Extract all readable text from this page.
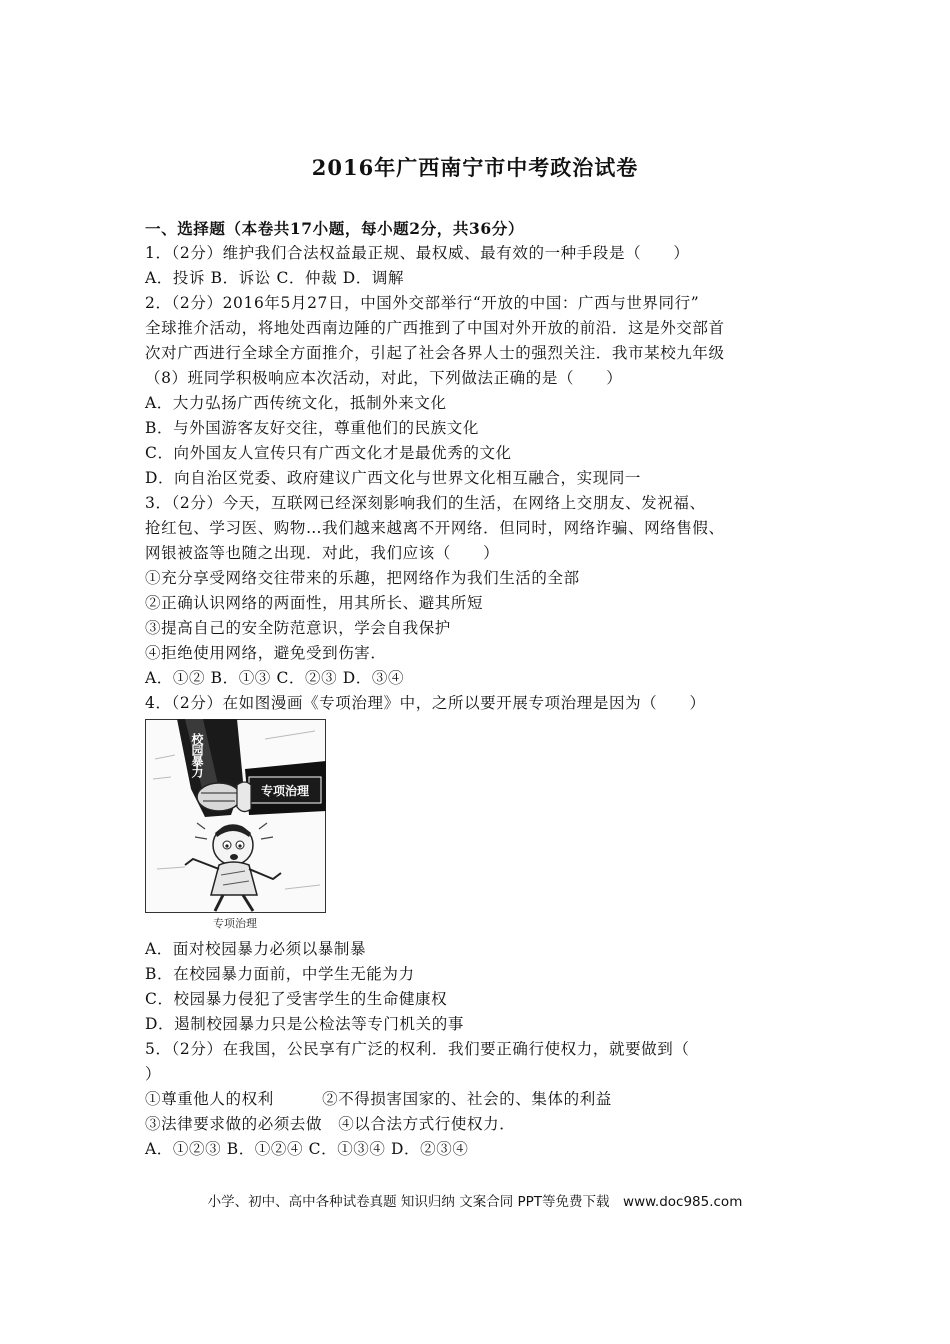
2016年广西南宁市中考政治试卷
一、选择题（本卷共17小题，每小题2分，共36分）
1．（2分）维护我们合法权益最正规、最权威、最有效的一种手段是（　　）
A．投诉 B．诉讼 C．仲裁 D．调解
2．（2分）2016年5月27日，中国外交部举行“开放的中国：广西与世界同行”
全球推介活动，将地处西南边陲的广西推到了中国对外开放的前沿．这是外交部首
次对广西进行全球全方面推介，引起了社会各界人士的强烈关注．我市某校九年级
（8）班同学积极响应本次活动，对此，下列做法正确的是（　　）
A．大力弘扬广西传统文化，抵制外来文化
B．与外国游客友好交往，尊重他们的民族文化
C．向外国友人宣传只有广西文化才是最优秀的文化
D．向自治区党委、政府建议广西文化与世界文化相互融合，实现同一
3．（2分）今天，互联网已经深刻影响我们的生活，在网络上交朋友、发祝福、
抢红包、学习医、购物…我们越来越离不开网络．但同时，网络诈骗、网络售假、
网银被盗等也随之出现．对此，我们应该（　　）
①充分享受网络交往带来的乐趣，把网络作为我们生活的全部
②正确认识网络的两面性，用其所长、避其所短
③提高自己的安全防范意识，学会自我保护
④拒绝使用网络，避免受到伤害．
A．①② B．①③ C．②③ D．③④
4．（2分）在如图漫画《专项治理》中，之所以要开展专项治理是因为（　　）
校园暴力
专项治理
专项治理
A．面对校园暴力必须以暴制暴
B．在校园暴力面前，中学生无能为力
C．校园暴力侵犯了受害学生的生命健康权
D．遏制校园暴力只是公检法等专门机关的事
5．（2分）在我国，公民享有广泛的权利．我们要正确行使权力，就要做到（
）
①尊重他人的权利　　　②不得损害国家的、社会的、集体的利益
③法律要求做的必须去做　④以合法方式行使权力．
A．①②③ B．①②④ C．①③④ D．②③④
小学、初中、高中各种试卷真题 知识归纳 文案合同 PPT等免费下载　www.doc985.com
